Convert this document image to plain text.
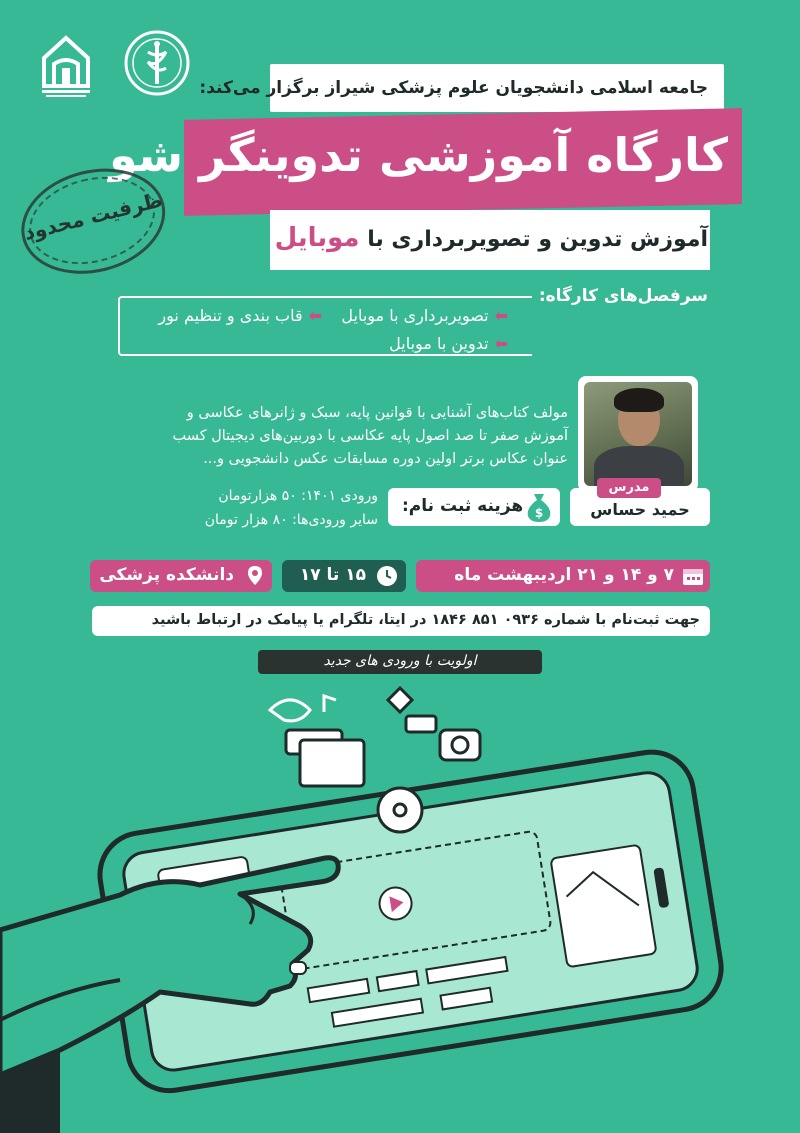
جامعه اسلامی دانشجویان علوم پزشکی شیراز برگزار می‌کند:
کارگاه آموزشی تدوینگر شو
آموزش تدوین و تصویربرداری با موبایل
ظرفیت محدود
سرفصل‌های کارگاه:
⬅تصویربرداری با موبایل
⬅قاب بندی و تنظیم نور
⬅تدوین با موبایل
مولف کتاب‌های آشنایی با قوانین پایه، سبک و ژانرهای عکاسی و آموزش صفر تا صد اصول پایه عکاسی با دوربین‌های دیجیتال کسب عنوان عکاس برتر اولین دوره مسابقات عکس دانشجویی و...
مدرس
حمید حساس
هزینه ثبت نام: $
ورودی ۱۴۰۱: ۵۰ هزارتومان
سایر ورودی‌ها: ۸۰ هزار تومان
۷ و ۱۴ و ۲۱ اردیبهشت ماه
۱۵ تا ۱۷
دانشکده پزشکی
جهت ثبت‌نام با شماره ۰۹۳۶ ۸۵۱ ۱۸۴۶ در ایتا، تلگرام یا پیامک در ارتباط باشید
اولویت با ورودی های جدید
